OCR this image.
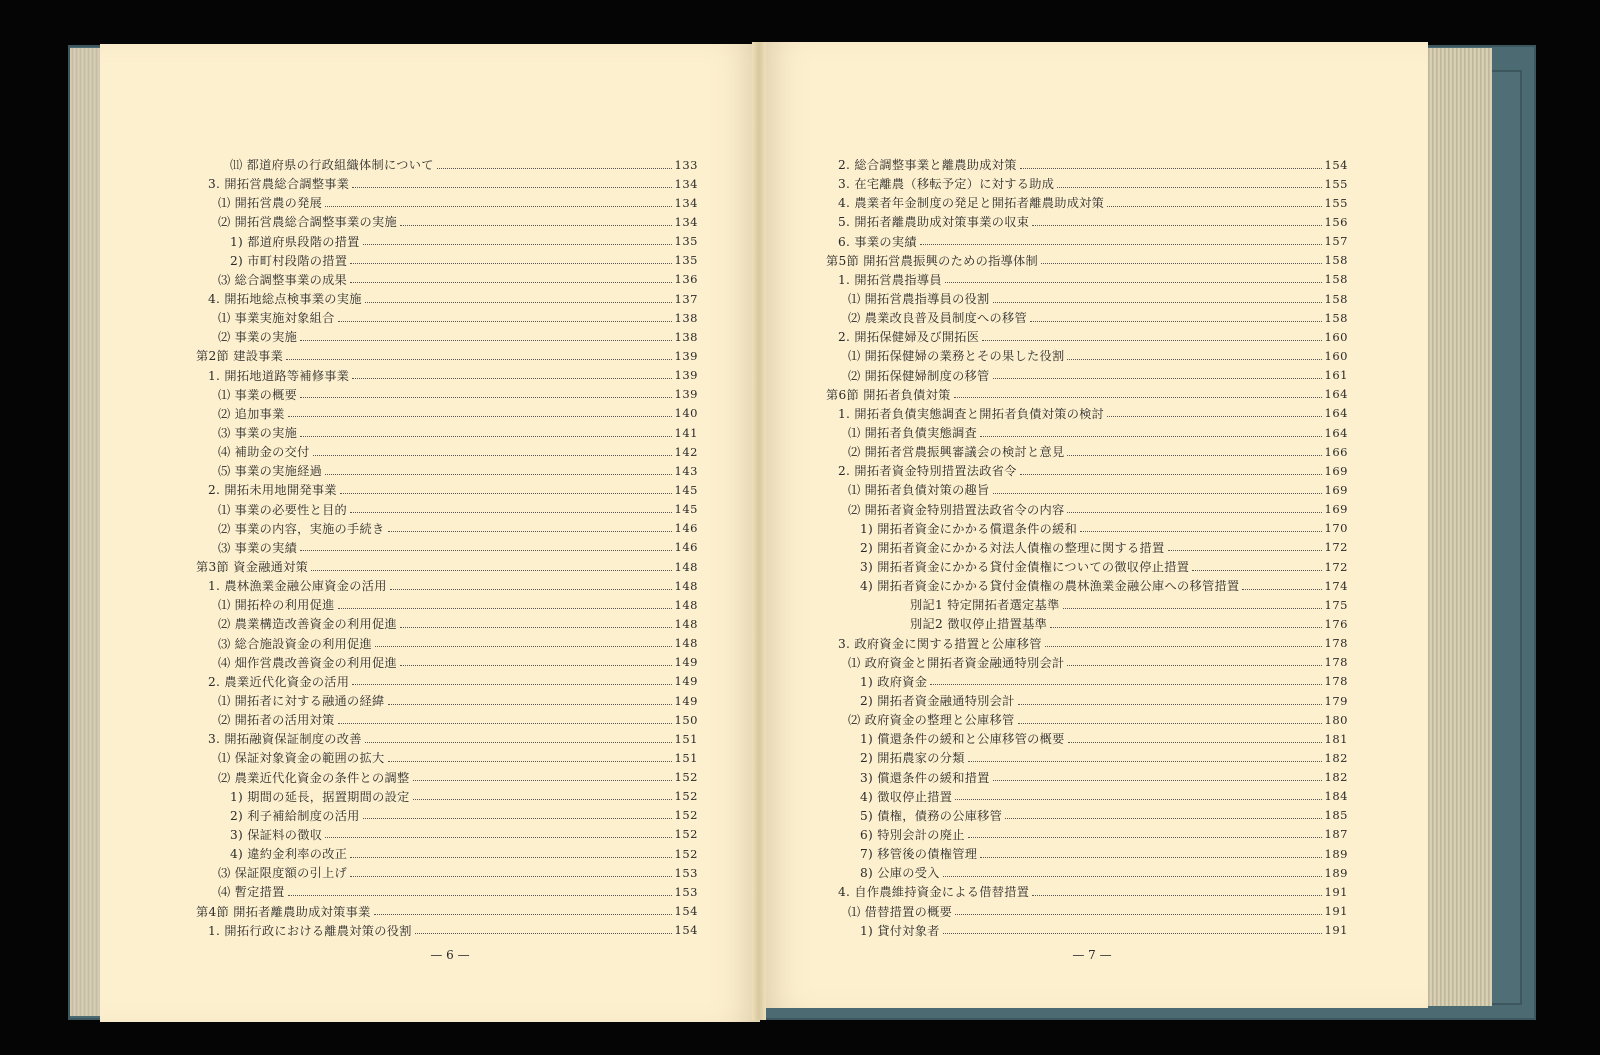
⑾ 都道府県の行政組織体制について	133
3. 開拓営農総合調整事業	134
⑴ 開拓営農の発展	134
⑵ 開拓営農総合調整事業の実施	134
1) 都道府県段階の措置	135
2) 市町村段階の措置	135
⑶ 総合調整事業の成果	136
4. 開拓地総点検事業の実施	137
⑴ 事業実施対象組合	138
⑵ 事業の実施	138
第2節 建設事業	139
1. 開拓地道路等補修事業	139
⑴ 事業の概要	139
⑵ 追加事業	140
⑶ 事業の実施	141
⑷ 補助金の交付	142
⑸ 事業の実施経過	143
2. 開拓未用地開発事業	145
⑴ 事業の必要性と目的	145
⑵ 事業の内容，実施の手続き	146
⑶ 事業の実績	146
第3節 資金融通対策	148
1. 農林漁業金融公庫資金の活用	148
⑴ 開拓枠の利用促進	148
⑵ 農業構造改善資金の利用促進	148
⑶ 総合施設資金の利用促進	148
⑷ 畑作営農改善資金の利用促進	149
2. 農業近代化資金の活用	149
⑴ 開拓者に対する融通の経緯	149
⑵ 開拓者の活用対策	150
3. 開拓融資保証制度の改善	151
⑴ 保証対象資金の範囲の拡大	151
⑵ 農業近代化資金の条件との調整	152
1) 期間の延長，据置期間の設定	152
2) 利子補給制度の活用	152
3) 保証料の徴収	152
4) 違約金利率の改正	152
⑶ 保証限度額の引上げ	153
⑷ 暫定措置	153
第4節 開拓者離農助成対策事業	154
1. 開拓行政における離農対策の役割	154
2. 総合調整事業と離農助成対策	154
3. 在宅離農（移転予定）に対する助成	155
4. 農業者年金制度の発足と開拓者離農助成対策	155
5. 開拓者離農助成対策事業の収束	156
6. 事業の実績	157
第5節 開拓営農振興のための指導体制	158
1. 開拓営農指導員	158
⑴ 開拓営農指導員の役割	158
⑵ 農業改良普及員制度への移管	158
2. 開拓保健婦及び開拓医	160
⑴ 開拓保健婦の業務とその果した役割	160
⑵ 開拓保健婦制度の移管	161
第6節 開拓者負債対策	164
1. 開拓者負債実態調査と開拓者負債対策の検討	164
⑴ 開拓者負債実態調査	164
⑵ 開拓者営農振興審議会の検討と意見	166
2. 開拓者資金特別措置法政省令	169
⑴ 開拓者負債対策の趣旨	169
⑵ 開拓者資金特別措置法政省令の内容	169
1) 開拓者資金にかかる償還条件の緩和	170
2) 開拓者資金にかかる対法人債権の整理に関する措置	172
3) 開拓者資金にかかる貸付金債権についての徴収停止措置	172
4) 開拓者資金にかかる貸付金債権の農林漁業金融公庫への移管措置	174
別記1 特定開拓者選定基準	175
別記2 徴収停止措置基準	176
3. 政府資金に関する措置と公庫移管	178
⑴ 政府資金と開拓者資金融通特別会計	178
1) 政府資金	178
2) 開拓者資金融通特別会計	179
⑵ 政府資金の整理と公庫移管	180
1) 償還条件の緩和と公庫移管の概要	181
2) 開拓農家の分類	182
3) 償還条件の緩和措置	182
4) 徴収停止措置	184
5) 債権，債務の公庫移管	185
6) 特別会計の廃止	187
7) 移管後の債権管理	189
8) 公庫の受入	189
4. 自作農維持資金による借替措置	191
⑴ 借替措置の概要	191
1) 貸付対象者	191
— 6 —	— 7 —
